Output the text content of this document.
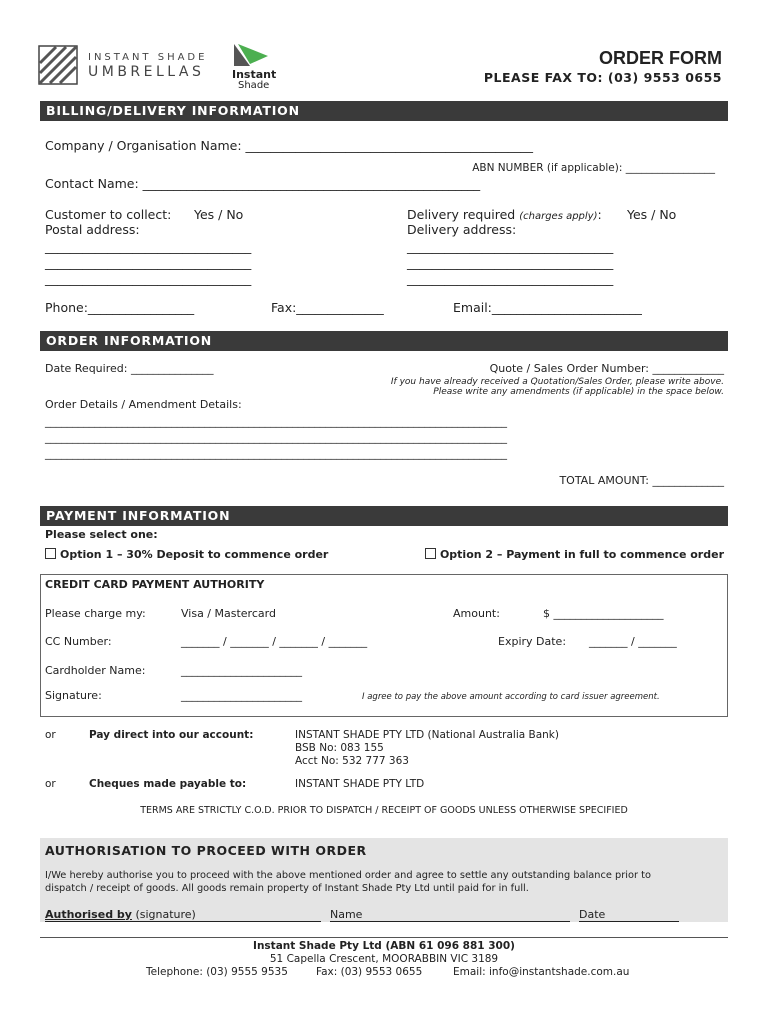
INSTANT SHADE
UMBRELLAS	Instant
Shade
ORDER FORM
PLEASE FAX TO: (03) 9553 0655
BILLING/DELIVERY INFORMATION
Company / Organisation Name: ______________________________________________
ABN NUMBER (if applicable): _________________
Contact Name: ______________________________________________________
Customer to collect: Yes / No
Postal address:
_________________________________
_________________________________
_________________________________
Delivery required (charges apply): Yes / No
Delivery address:
_________________________________
_________________________________
_________________________________
Phone:_________________	Fax:______________	Email:________________________
ORDER INFORMATION
Date Required: _______________	Quote / Sales Order Number: _____________
If you have already received a Quotation/Sales Order, please write above.
Please write any amendments (if applicable) in the space below.
Order Details / Amendment Details:
____________________________________________________________________________________
____________________________________________________________________________________
____________________________________________________________________________________
TOTAL AMOUNT: _____________
PAYMENT INFORMATION
Please select one:
Option 1 – 30% Deposit to commence order	Option 2 – Payment in full to commence order
CREDIT CARD PAYMENT AUTHORITY
Please charge my:	Visa / Mastercard	Amount:	$ ____________________
CC Number:	_______ / _______ / _______ / _______	Expiry Date: _______ / _______
Cardholder Name:	______________________
Signature:	______________________	I agree to pay the above amount according to card issuer agreement.
or	Pay direct into our account:	INSTANT SHADE PTY LTD (National Australia Bank)
BSB No: 083 155
Acct No: 532 777 363
or	Cheques made payable to:	INSTANT SHADE PTY LTD
TERMS ARE STRICTLY C.O.D. PRIOR TO DISPATCH / RECEIPT OF GOODS UNLESS OTHERWISE SPECIFIED
AUTHORISATION TO PROCEED WITH ORDER
I/We hereby authorise you to proceed with the above mentioned order and agree to settle any outstanding balance prior to
dispatch / receipt of goods. All goods remain property of Instant Shade Pty Ltd until paid for in full.
Authorised by (signature)	Name	Date
Instant Shade Pty Ltd (ABN 61 096 881 300)
51 Capella Crescent, MOORABBIN VIC 3189
Telephone: (03) 9555 9535	Fax: (03) 9553 0655	Email: info@instantshade.com.au
